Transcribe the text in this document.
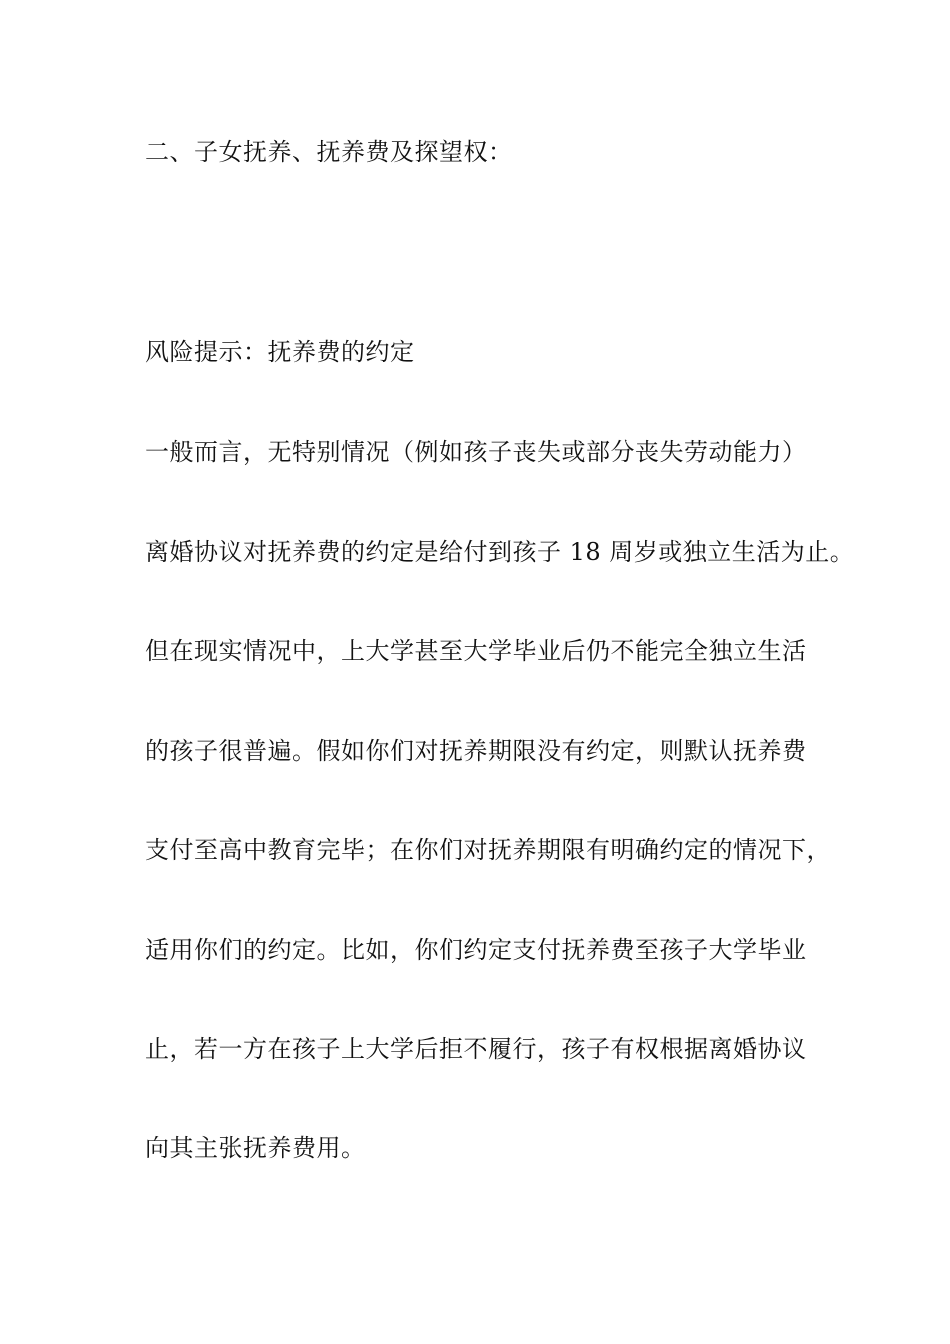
二、子女抚养、抚养费及探望权：

风险提示：抚养费的约定

一般而言，无特别情况（例如孩子丧失或部分丧失劳动能力）

离婚协议对抚养费的约定是给付到孩子 18 周岁或独立生活为止。

但在现实情况中，上大学甚至大学毕业后仍不能完全独立生活

的孩子很普遍。假如你们对抚养期限没有约定，则默认抚养费

支付至高中教育完毕；在你们对抚养期限有明确约定的情况下，

适用你们的约定。比如，你们约定支付抚养费至孩子大学毕业

止，若一方在孩子上大学后拒不履行，孩子有权根据离婚协议

向其主张抚养费用。
